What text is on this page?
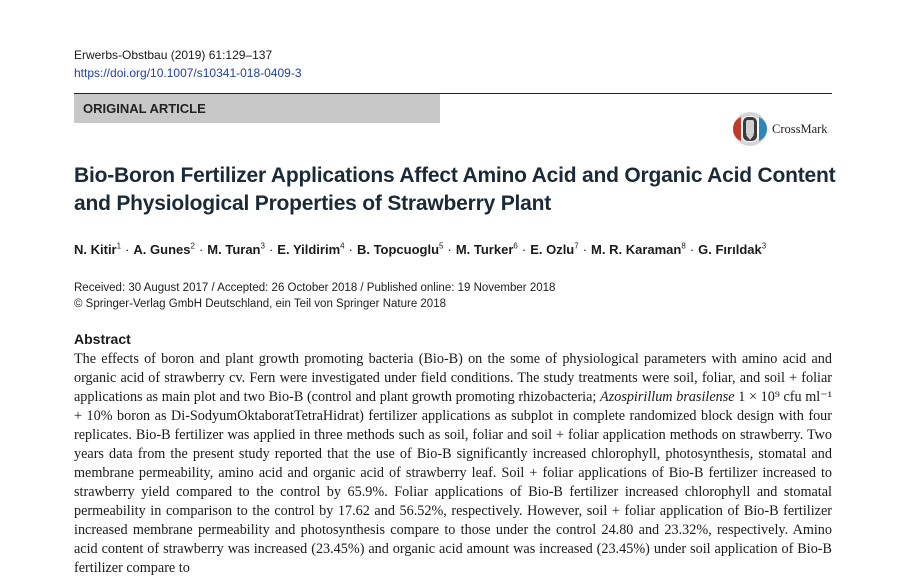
Erwerbs-Obstbau (2019) 61:129–137
https://doi.org/10.1007/s10341-018-0409-3
ORIGINAL ARTICLE
CrossMark
Bio-Boron Fertilizer Applications Affect Amino Acid and Organic Acid Content and Physiological Properties of Strawberry Plant
N. Kitir$^1$ · A. Gunes$^2$ · M. Turan$^3$ · E. Yildirim$^4$ · B. Topcuoglu$^5$ · M. Turker$^6$ · E. Ozlu$^7$ · M. R. Karaman$^8$ · G. Fırıldak$^3$
Received: 30 August 2017 / Accepted: 26 October 2018 / Published online: 19 November 2018
© Springer-Verlag GmbH Deutschland, ein Teil von Springer Nature 2018
Abstract

The effects of boron and plant growth promoting bacteria (Bio-B) on the some of physiological parameters with amino acid and organic acid of strawberry cv. Fern were investigated under field conditions. The study treatments were soil, foliar, and soil + foliar applications as main plot and two Bio-B (control and plant growth promoting rhizobacteria; Azospirillum brasilense 1 × 10⁹ cfu ml⁻¹ + 10% boron as Di-SodyumOktaboratTetraHidrat) fertilizer applications as subplot in complete randomized block design with four replicates. Bio-B fertilizer was applied in three methods such as soil, foliar and soil + foliar application methods on strawberry. Two years data from the present study reported that the use of Bio-B significantly increased chlorophyll, photosynthesis, stomatal and membrane permeability, amino acid and organic acid of strawberry leaf. Soil + foliar applications of Bio-B fertilizer increased to strawberry yield compared to the control by 65.9%. Foliar applications of Bio-B fertilizer increased chlorophyll and stomatal permeability in comparison to the control by 17.62 and 56.52%, respectively. However, soil + foliar application of Bio-B fertilizer increased membrane permeability and photosynthesis compare to those under the control 24.80 and 23.32%, respectively. Amino acid content of strawberry was increased (23.45%) and organic acid amount was increased (23.45%) under soil application of Bio-B fertilizer compare to
